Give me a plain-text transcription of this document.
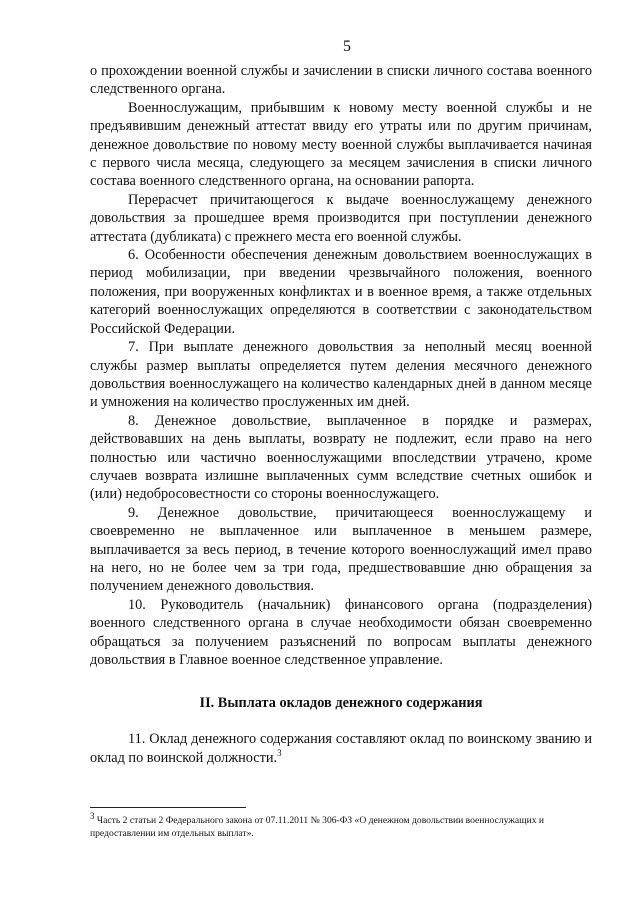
5

о прохождении военной службы и зачислении в списки личного состава военного следственного органа.

Военнослужащим, прибывшим к новому месту военной службы и не предъявившим денежный аттестат ввиду его утраты или по другим причинам, денежное довольствие по новому месту военной службы выплачивается начиная с первого числа месяца, следующего за месяцем зачисления в списки личного состава военного следственного органа, на основании рапорта.

Перерасчет причитающегося к выдаче военнослужащему денежного довольствия за прошедшее время производится при поступлении денежного аттестата (дубликата) с прежнего места его военной службы.

6. Особенности обеспечения денежным довольствием военнослужащих в период мобилизации, при введении чрезвычайного положения, военного положения, при вооруженных конфликтах и в военное время, а также отдельных категорий военнослужащих определяются в соответствии с законодательством Российской Федерации.

7. При выплате денежного довольствия за неполный месяц военной службы размер выплаты определяется путем деления месячного денежного довольствия военнослужащего на количество календарных дней в данном месяце и умножения на количество прослуженных им дней.

8. Денежное довольствие, выплаченное в порядке и размерах, действовавших на день выплаты, возврату не подлежит, если право на него полностью или частично военнослужащими впоследствии утрачено, кроме случаев возврата излишне выплаченных сумм вследствие счетных ошибок и (или) недобросовестности со стороны военнослужащего.

9. Денежное довольствие, причитающееся военнослужащему и своевременно не выплаченное или выплаченное в меньшем размере, выплачивается за весь период, в течение которого военнослужащий имел право на него, но не более чем за три года, предшествовавшие дню обращения за получением денежного довольствия.

10. Руководитель (начальник) финансового органа (подразделения) военного следственного органа в случае необходимости обязан своевременно обращаться за получением разъяснений по вопросам выплаты денежного довольствия в Главное военное следственное управление.

II. Выплата окладов денежного содержания

11. Оклад денежного содержания составляют оклад по воинскому званию и оклад по воинской должности.$^3$

$^3$ Часть 2 статьи 2 Федерального закона от 07.11.2011 № 306-ФЗ «О денежном довольствии военнослужащих и предоставлении им отдельных выплат».
